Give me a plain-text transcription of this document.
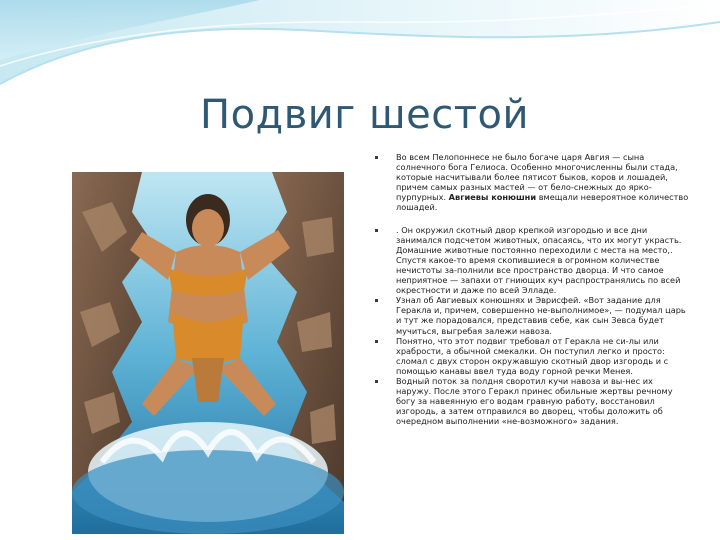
Подвиг шестой
Во всем Пелопоннесе не было богаче царя Авгия — сына солнечного бога Гелиоса. Особенно многочисленны были стада, которые насчитывали более пятисот быков, коров и лошадей, причем самых разных мастей — от бело-снежных до ярко-пурпурных. Авгиевы конюшни вмещали невероятное количество лошадей.
. Он окружил скотный двор крепкой изгородью и все дни занимался подсчетом животных, опасаясь, что их могут украсть. Домашние животные постоянно переходили с места на место,. Спустя какое-то время скопившиеся в огромном количестве нечистоты за-полнили все пространство дворца. И что самое неприятное — запахи от гниющих куч распространялись по всей окрестности и даже по всей Элладе.
Узнал об Авгиевых конюшнях и Эврисфей. «Вот задание для Геракла и, причем, совершенно не-выполнимое», — подумал царь и тут же порадовался, представив себе, как сын Зевса будет мучиться, выгребая залежи навоза.
Понятно, что этот подвиг требовал от Геракла не си-лы или храбрости, а обычной смекалки. Он поступил легко и просто: сломал с двух сторон окружавшую скотный двор изгородь и с помощью канавы ввел туда воду горной речки Менея.
Водный поток за полдня своротил кучи навоза и вы-нес их наружу. После этого Геракл принес обильные жертвы речному богу за навеянную его водам гравную работу, восстановил изгородь, а затем отправился во дворец, чтобы доложить об очередном выполнении «не-возможного» задания.
